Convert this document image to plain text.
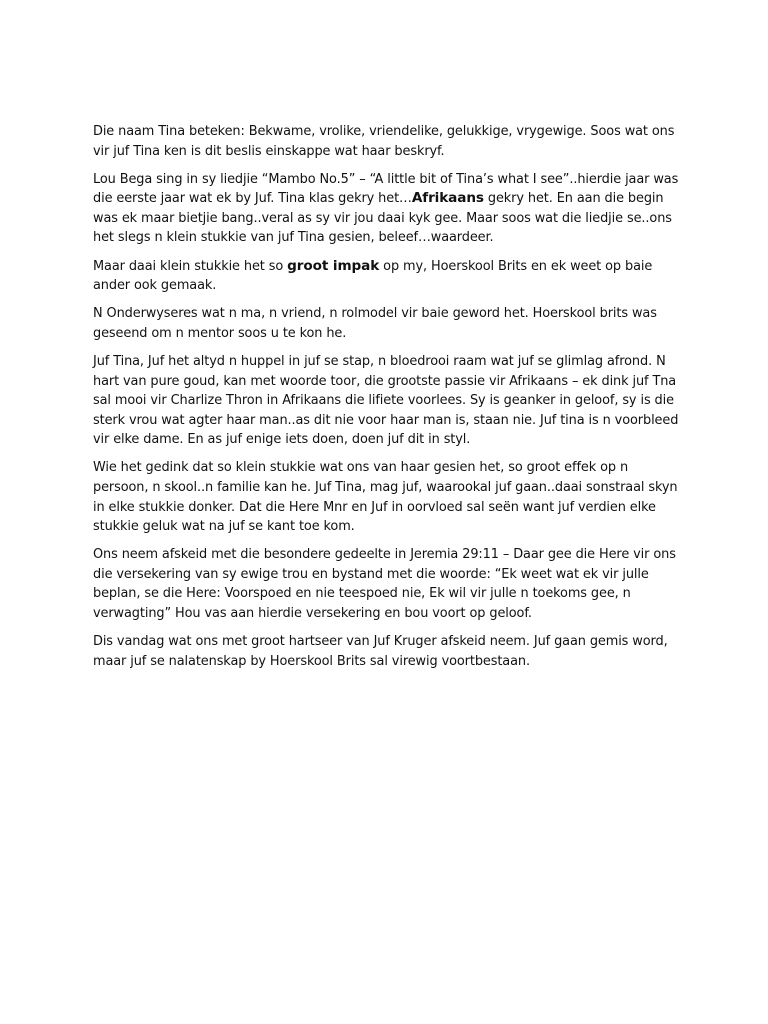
Die naam Tina beteken: Bekwame, vrolike, vriendelike, gelukkige, vrygewige. Soos wat ons vir juf Tina ken is dit beslis einskappe wat haar beskryf.

Lou Bega sing in sy liedjie “Mambo No.5” – “A little bit of Tina’s what I see”..hierdie jaar was die eerste jaar wat ek by Juf. Tina klas gekry het…Afrikaans gekry het. En aan die begin was ek maar bietjie bang..veral as sy vir jou daai kyk gee. Maar soos wat die liedjie se..ons het slegs n klein stukkie van juf Tina gesien, beleef…waardeer.

Maar daai klein stukkie het so groot impak op my, Hoerskool Brits en ek weet op baie ander ook gemaak.

N Onderwyseres wat n ma, n vriend, n rolmodel vir baie geword het. Hoerskool brits was geseend om n mentor soos u te kon he.

Juf Tina, Juf het altyd n huppel in juf se stap, n bloedrooi raam wat juf se glimlag afrond. N hart van pure goud, kan met woorde toor, die grootste passie vir Afrikaans – ek dink juf Tna sal mooi vir Charlize Thron in Afrikaans die lifiete voorlees. Sy is geanker in geloof, sy is die sterk vrou wat agter haar man..as dit nie voor haar man is, staan nie. Juf tina is n voorbleed vir elke dame. En as juf enige iets doen, doen juf dit in styl.

Wie het gedink dat so klein stukkie wat ons van haar gesien het, so groot effek op n persoon, n skool..n familie kan he. Juf Tina, mag juf, waarookal juf gaan..daai sonstraal skyn in elke stukkie donker. Dat die Here Mnr en Juf in oorvloed sal seën want juf verdien elke stukkie geluk wat na juf se kant toe kom.

Ons neem afskeid met die besondere gedeelte in Jeremia 29:11 – Daar gee die Here vir ons die versekering van sy ewige trou en bystand met die woorde: “Ek weet wat ek vir julle beplan, se die Here: Voorspoed en nie teespoed nie, Ek wil vir julle n toekoms gee, n verwagting” Hou vas aan hierdie versekering en bou voort op geloof.

Dis vandag wat ons met groot hartseer van Juf Kruger afskeid neem. Juf gaan gemis word, maar juf se nalatenskap by Hoerskool Brits sal virewig voortbestaan.
